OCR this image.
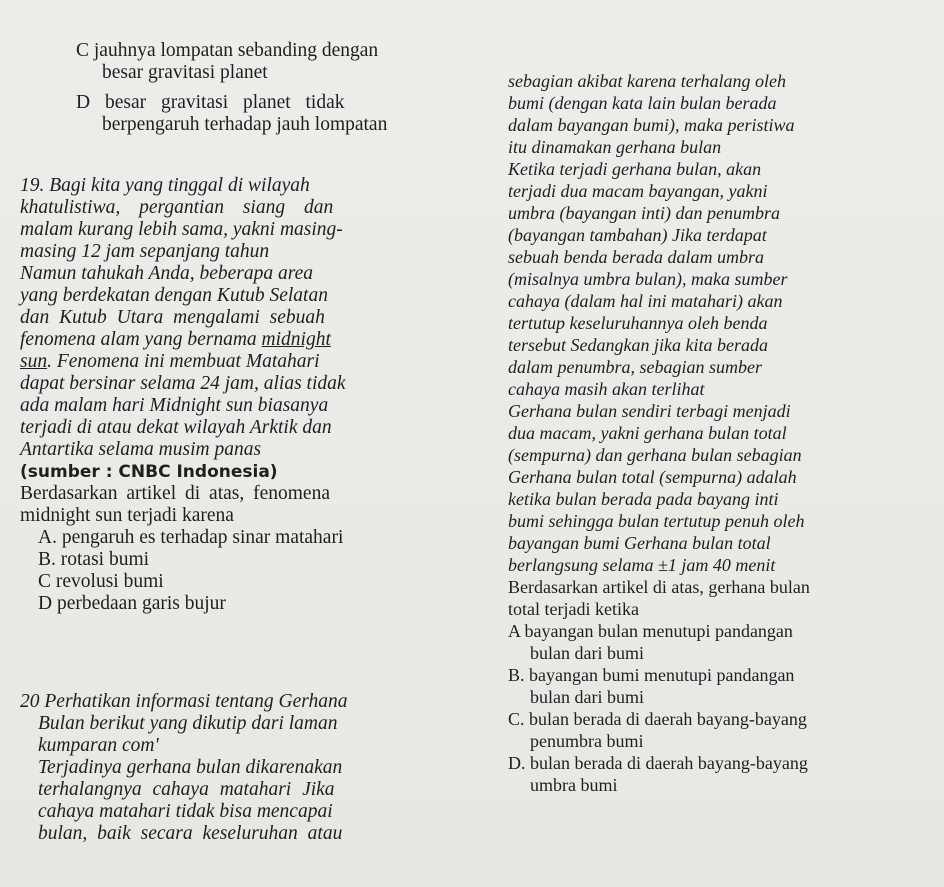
C jauhnya lompatan sebanding dengan
besar gravitasi planet
D besar gravitasi planet tidak
berpengaruh terhadap jauh lompatan
19. Bagi kita yang tinggal di wilayah
khatulistiwa, pergantian siang dan
malam kurang lebih sama, yakni masing-
masing 12 jam sepanjang tahun
Namun tahukah Anda, beberapa area
yang berdekatan dengan Kutub Selatan
dan Kutub Utara mengalami sebuah
fenomena alam yang bernama midnight
sun. Fenomena ini membuat Matahari
dapat bersinar selama 24 jam, alias tidak
ada malam hari Midnight sun biasanya
terjadi di atau dekat wilayah Arktik dan
Antartika selama musim panas
(sumber : CNBC Indonesia)
Berdasarkan artikel di atas, fenomena
midnight sun terjadi karena
A. pengaruh es terhadap sinar matahari
B. rotasi bumi
C revolusi bumi
D perbedaan garis bujur
20 Perhatikan informasi tentang Gerhana
Bulan berikut yang dikutip dari laman
kumparan com'
Terjadinya gerhana bulan dikarenakan
terhalangnya cahaya matahari Jika
cahaya matahari tidak bisa mencapai
bulan, baik secara keseluruhan atau
sebagian akibat karena terhalang oleh
bumi (dengan kata lain bulan berada
dalam bayangan bumi), maka peristiwa
itu dinamakan gerhana bulan
Ketika terjadi gerhana bulan, akan
terjadi dua macam bayangan, yakni
umbra (bayangan inti) dan penumbra
(bayangan tambahan) Jika terdapat
sebuah benda berada dalam umbra
(misalnya umbra bulan), maka sumber
cahaya (dalam hal ini matahari) akan
tertutup keseluruhannya oleh benda
tersebut Sedangkan jika kita berada
dalam penumbra, sebagian sumber
cahaya masih akan terlihat
Gerhana bulan sendiri terbagi menjadi
dua macam, yakni gerhana bulan total
(sempurna) dan gerhana bulan sebagian
Gerhana bulan total (sempurna) adalah
ketika bulan berada pada bayang inti
bumi sehingga bulan tertutup penuh oleh
bayangan bumi Gerhana bulan total
berlangsung selama ±1 jam 40 menit
Berdasarkan artikel di atas, gerhana bulan
total terjadi ketika
A bayangan bulan menutupi pandangan
bulan dari bumi
B. bayangan bumi menutupi pandangan
bulan dari bumi
C. bulan berada di daerah bayang-bayang
penumbra bumi
D. bulan berada di daerah bayang-bayang
umbra bumi
